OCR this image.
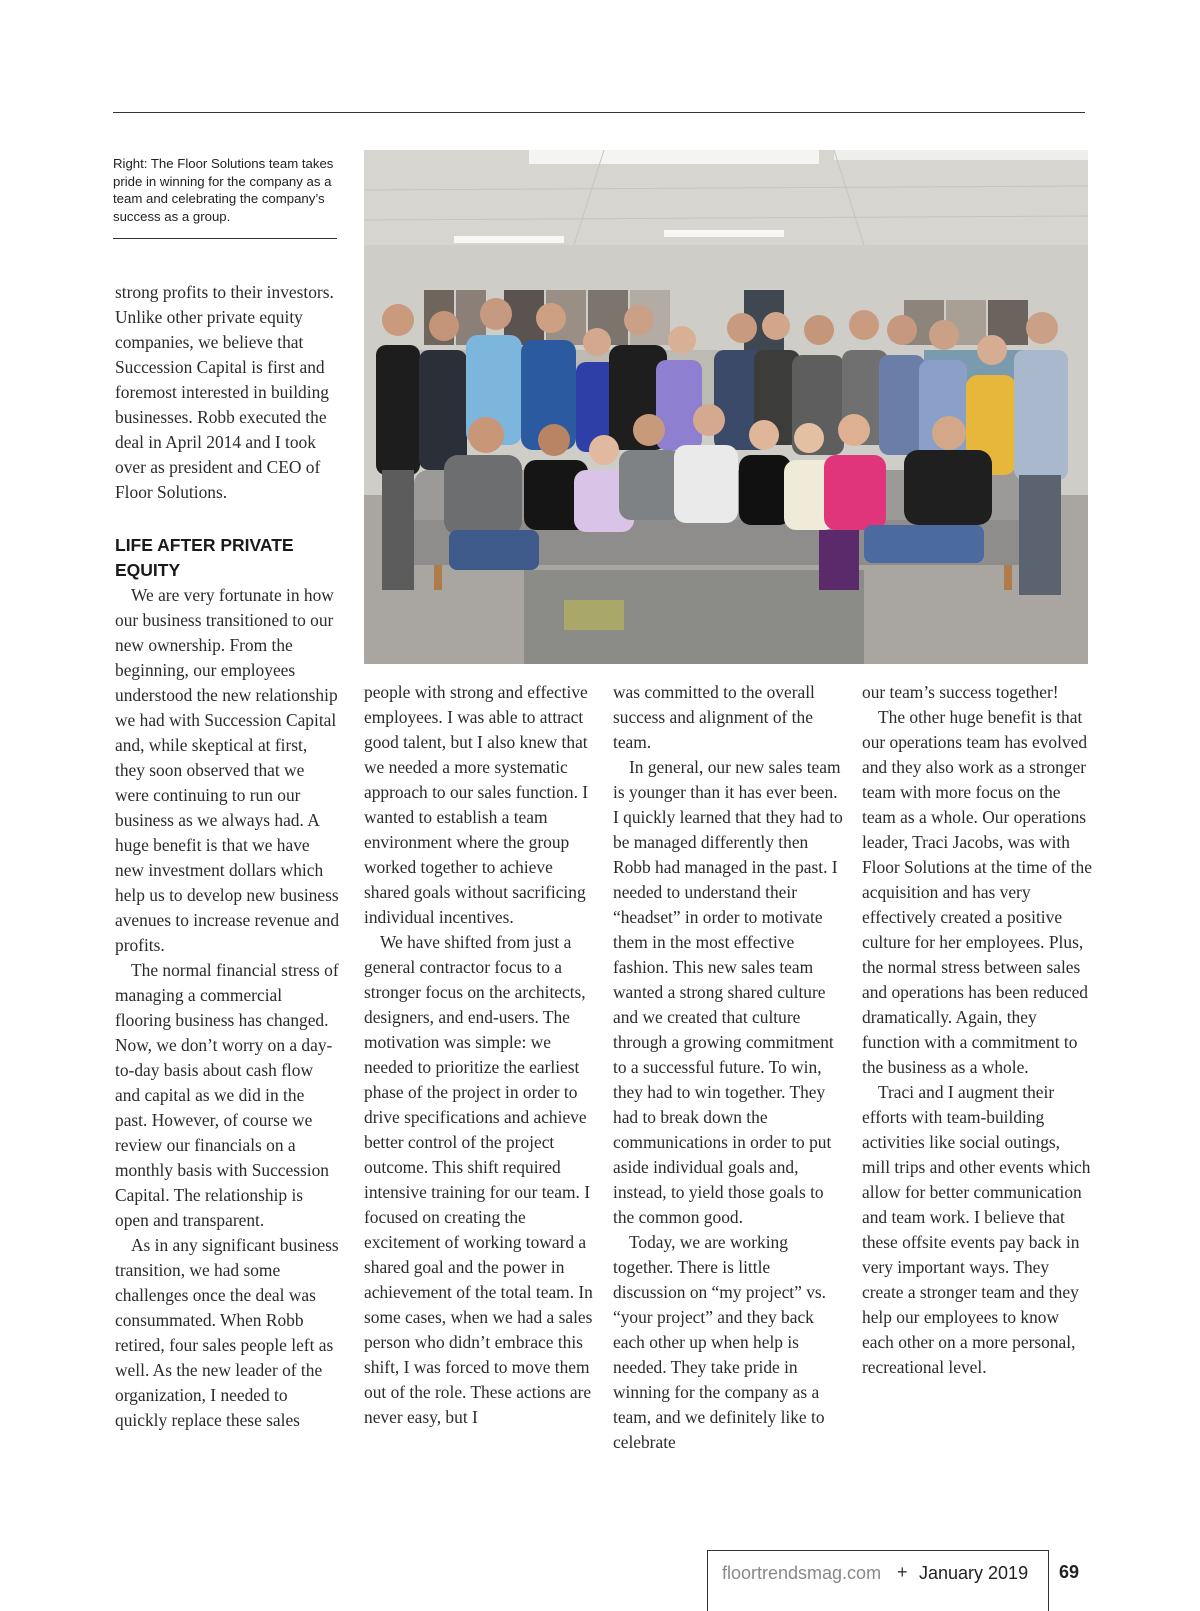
Right: The Floor Solutions team takes pride in winning for the company as a team and celebrating the company’s success as a group.

strong profits to their investors. Unlike other private equity companies, we believe that Succession Capital is first and foremost interested in building businesses. Robb executed the deal in April 2014 and I took over as president and CEO of Floor Solutions.

LIFE AFTER PRIVATE EQUITY

We are very fortunate in how our business transitioned to our new ownership. From the beginning, our employees understood the new relationship we had with Succession Capital and, while skeptical at first, they soon observed that we were continuing to run our business as we always had. A huge benefit is that we have new investment dollars which help us to develop new business avenues to increase revenue and profits.

The normal financial stress of managing a commercial flooring business has changed. Now, we don’t worry on a day-to-day basis about cash flow and capital as we did in the past. However, of course we review our financials on a monthly basis with Succession Capital. The relationship is open and transparent.

As in any significant business transition, we had some challenges once the deal was consummated. When Robb retired, four sales people left as well. As the new leader of the organization, I needed to quickly replace these sales

people with strong and effective employees. I was able to attract good talent, but I also knew that we needed a more systematic approach to our sales function. I wanted to establish a team environment where the group worked together to achieve shared goals without sacrificing individual incentives.

We have shifted from just a general contractor focus to a stronger focus on the architects, designers, and end-users. The motivation was simple: we needed to prioritize the earliest phase of the project in order to drive specifications and achieve better control of the project outcome. This shift required intensive training for our team. I focused on creating the excitement of working toward a shared goal and the power in achievement of the total team. In some cases, when we had a sales person who didn’t embrace this shift, I was forced to move them out of the role. These actions are never easy, but I

was committed to the overall success and alignment of the team.

In general, our new sales team is younger than it has ever been. I quickly learned that they had to be managed differently then Robb had managed in the past. I needed to understand their “headset” in order to motivate them in the most effective fashion. This new sales team wanted a strong shared culture and we created that culture through a growing commitment to a successful future. To win, they had to win together. They had to break down the communications in order to put aside individual goals and, instead, to yield those goals to the common good.

Today, we are working together. There is little discussion on “my project” vs. “your project” and they back each other up when help is needed. They take pride in winning for the company as a team, and we definitely like to celebrate

our team’s success together!

The other huge benefit is that our operations team has evolved and they also work as a stronger team with more focus on the team as a whole. Our operations leader, Traci Jacobs, was with Floor Solutions at the time of the acquisition and has very effectively created a positive culture for her employees. Plus, the normal stress between sales and operations has been reduced dramatically. Again, they function with a commitment to the business as a whole.

Traci and I augment their efforts with team-building activities like social outings, mill trips and other events which allow for better communication and team work. I believe that these offsite events pay back in very important ways. They create a stronger team and they help our employees to know each other on a more personal, recreational level.

floortrendsmag.com + January 2019 69
